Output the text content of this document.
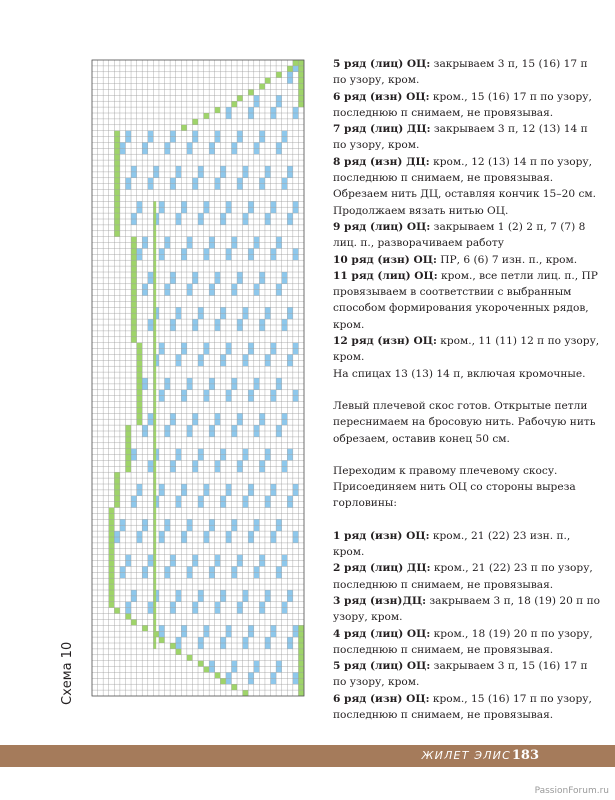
Схема 10

5 ряд (лиц) ОЦ: закрываем 3 п, 15 (16) 17 п по узору, кром.

6 ряд (изн) ОЦ: кром., 15 (16) 17 п по узору, последнюю п снимаем, не провязывая.

7 ряд (лиц) ДЦ: закрываем 3 п, 12 (13) 14 п по узору, кром.

8 ряд (изн) ДЦ: кром., 12 (13) 14 п по узору, последнюю п снимаем, не провязывая.

Обрезаем нить ДЦ, оставляя кончик 15–20 см. Продолжаем вязать нитью ОЦ.

9 ряд (лиц) ОЦ: закрываем 1 (2) 2 п, 7 (7) 8 лиц. п., разворачиваем работу

10 ряд (изн) ОЦ: ПР, 6 (6) 7 изн. п., кром.

11 ряд (лиц) ОЦ: кром., все петли лиц. п., ПР провязываем в соответствии с выбранным способом формирования укороченных рядов, кром.

12 ряд (изн) ОЦ: кром., 11 (11) 12 п по узору, кром.

На спицах 13 (13) 14 п, включая кромочные.

Левый плечевой скос готов. Открытые петли переснимаем на бросовую нить. Рабочую нить обрезаем, оставив конец 50 см.

Переходим к правому плечевому скосу. Присоединяем нить ОЦ со стороны выреза горловины:

1 ряд (изн) ОЦ: кром., 21 (22) 23 изн. п., кром.

2 ряд (лиц) ДЦ: кром., 21 (22) 23 п по узору, последнюю п снимаем, не провязывая.

3 ряд (изн)ДЦ: закрываем 3 п, 18 (19) 20 п по узору, кром.

4 ряд (лиц) ОЦ: кром., 18 (19) 20 п по узору, последнюю п снимаем, не провязывая.

5 ряд (лиц) ОЦ: закрываем 3 п, 15 (16) 17 п по узору, кром.

6 ряд (изн) ОЦ: кром., 15 (16) 17 п по узору, последнюю п снимаем, не провязывая.

ЖИЛЕТ ЭЛИС 183
PassionForum.ru
